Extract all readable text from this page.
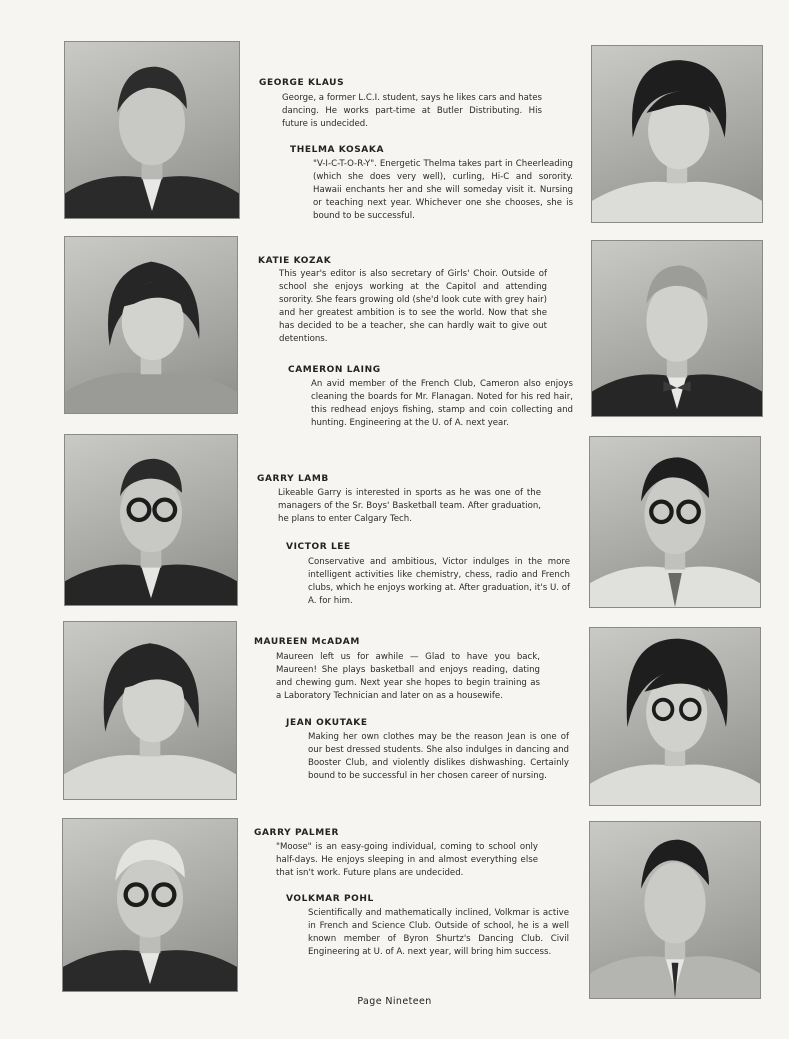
GEORGE KLAUS
George, a former L.C.I. student, says he likes cars and hates dancing. He works part-time at Butler Distributing. His future is undecided.
THELMA KOSAKA
"V-I-C-T-O-R-Y". Energetic Thelma takes part in Cheerleading (which she does very well), curling, Hi-C and sorority. Hawaii enchants her and she will someday visit it. Nursing or teaching next year. Whichever one she chooses, she is bound to be successful.
KATIE KOZAK
This year's editor is also secretary of Girls' Choir. Outside of school she enjoys working at the Capitol and attending sorority. She fears growing old (she'd look cute with grey hair) and her greatest ambition is to see the world. Now that she has decided to be a teacher, she can hardly wait to give out detentions.
CAMERON LAING
An avid member of the French Club, Cameron also enjoys cleaning the boards for Mr. Flanagan. Noted for his red hair, this redhead enjoys fishing, stamp and coin collecting and hunting. Engineering at the U. of A. next year.
GARRY LAMB
Likeable Garry is interested in sports as he was one of the managers of the Sr. Boys' Basketball team. After graduation, he plans to enter Calgary Tech.
VICTOR LEE
Conservative and ambitious, Victor indulges in the more intelligent activities like chemistry, chess, radio and French clubs, which he enjoys working at. After graduation, it's U. of A. for him.
MAUREEN McADAM
Maureen left us for awhile — Glad to have you back, Maureen! She plays basketball and enjoys reading, dating and chewing gum. Next year she hopes to begin training as a Laboratory Technician and later on as a housewife.
JEAN OKUTAKE
Making her own clothes may be the reason Jean is one of our best dressed students. She also indulges in dancing and Booster Club, and violently dislikes dishwashing. Certainly bound to be successful in her chosen career of nursing.
GARRY PALMER
"Moose" is an easy-going individual, coming to school only half-days. He enjoys sleeping in and almost everything else that isn't work. Future plans are undecided.
VOLKMAR POHL
Scientifically and mathematically inclined, Volkmar is active in French and Science Club. Outside of school, he is a well known member of Byron Shurtz's Dancing Club. Civil Engineering at U. of A. next year, will bring him success.
Page Nineteen
